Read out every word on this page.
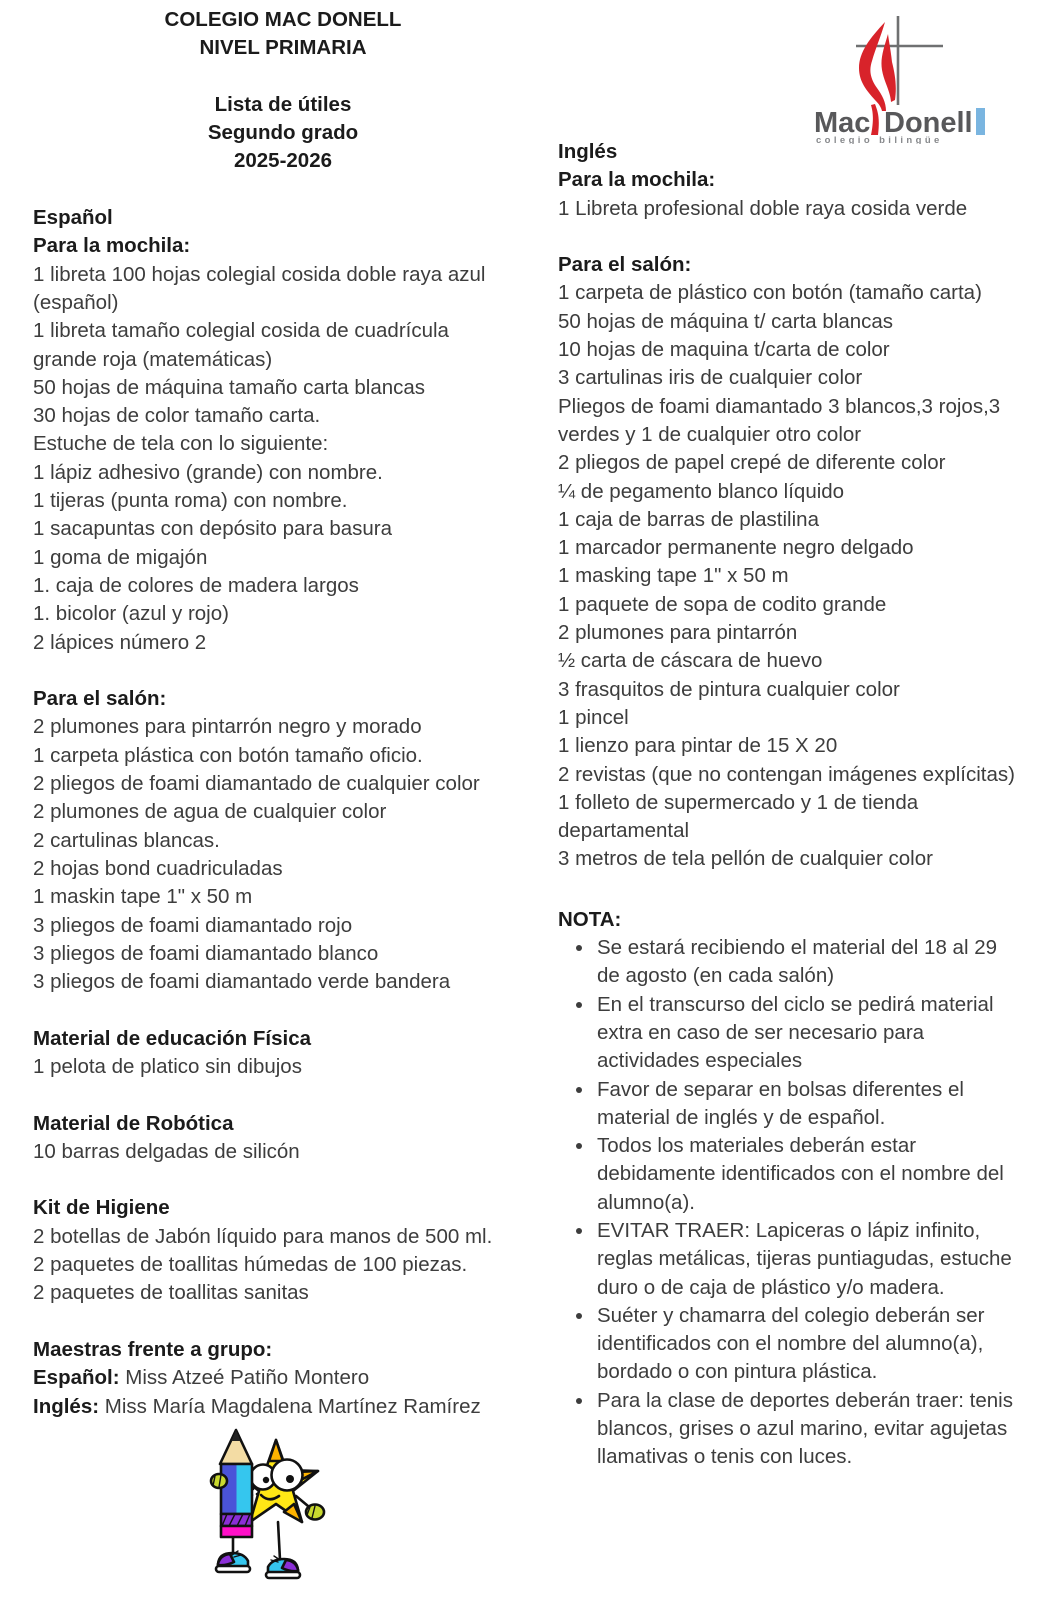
Mac Donell
colegio bilingüe
COLEGIO MAC DONELL
NIVEL PRIMARIA
Lista de útiles
Segundo grado
2025-2026
Español
Para la mochila:
1 libreta 100 hojas colegial cosida doble raya azul (español)
1 libreta tamaño colegial cosida de cuadrícula grande roja (matemáticas)
50 hojas de máquina tamaño carta blancas
30 hojas de color tamaño carta.
Estuche de tela con lo siguiente:
1 lápiz adhesivo (grande) con nombre.
1 tijeras (punta roma) con nombre.
1 sacapuntas con depósito para basura
1 goma de migajón
1. caja de colores de madera largos
1. bicolor (azul y rojo)
2 lápices número 2
Para el salón:
2 plumones para pintarrón negro y morado
1 carpeta plástica con botón tamaño oficio.
2 pliegos de foami diamantado de cualquier color
2 plumones de agua de cualquier color
2 cartulinas blancas.
2 hojas bond cuadriculadas
1 maskin tape 1" x 50 m
3 pliegos de foami diamantado rojo
3 pliegos de foami diamantado blanco
3 pliegos de foami diamantado verde bandera
Material de educación Física
1 pelota de platico sin dibujos
Material de Robótica
10 barras delgadas de silicón
Kit de Higiene
2 botellas de Jabón líquido para manos de 500 ml.
2 paquetes de toallitas húmedas de 100 piezas.
2 paquetes de toallitas sanitas
Maestras frente a grupo:
Español: Miss Atzeé Patiño Montero
Inglés: Miss María Magdalena Martínez Ramírez
Inglés
Para la mochila:
1 Libreta profesional doble raya cosida verde
Para el salón:
1 carpeta de plástico con botón (tamaño carta)
50 hojas de máquina t/ carta blancas
10 hojas de maquina t/carta de color
3 cartulinas iris de cualquier color
Pliegos de foami diamantado 3 blancos,3 rojos,3 verdes y 1 de cualquier otro color
2 pliegos de papel crepé de diferente color
¼ de pegamento blanco líquido
1 caja de barras de plastilina
1 marcador permanente negro delgado
1 masking tape 1" x 50 m
1 paquete de sopa de codito grande
2 plumones para pintarrón
½ carta de cáscara de huevo
3 frasquitos de pintura cualquier color
1 pincel
1 lienzo para pintar de 15 X 20
2 revistas (que no contengan imágenes explícitas)
1 folleto de supermercado y 1 de tienda departamental
3 metros de tela pellón de cualquier color
NOTA:
• Se estará recibiendo el material del 18 al 29 de agosto (en cada salón)
• En el transcurso del ciclo se pedirá material extra en caso de ser necesario para actividades especiales
• Favor de separar en bolsas diferentes el material de inglés y de español.
• Todos los materiales deberán estar debidamente identificados con el nombre del alumno(a).
• EVITAR TRAER: Lapiceras o lápiz infinito, reglas metálicas, tijeras puntiagudas, estuche duro o de caja de plástico y/o madera.
• Suéter y chamarra del colegio deberán ser identificados con el nombre del alumno(a), bordado o con pintura plástica.
• Para la clase de deportes deberán traer: tenis blancos, grises o azul marino, evitar agujetas llamativas o tenis con luces.
